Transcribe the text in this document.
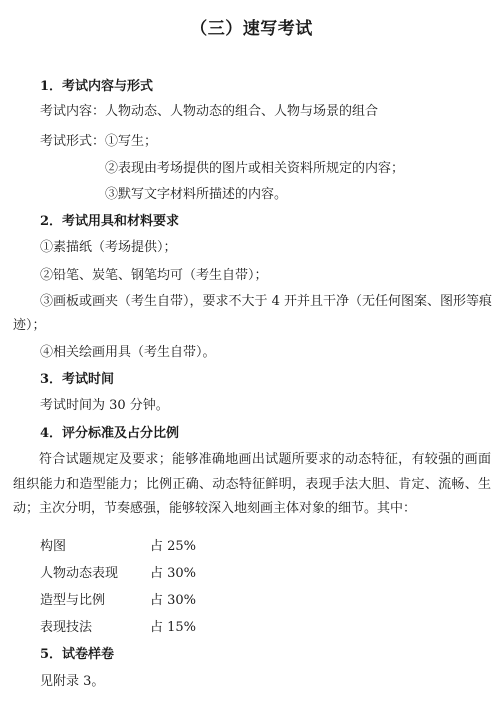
（三）速写考试
1．考试内容与形式
考试内容：人物动态、人物动态的组合、人物与场景的组合
考试形式： ①写生；
②表现由考场提供的图片或相关资料所规定的内容；
③默写文字材料所描述的内容。
2．考试用具和材料要求
①素描纸（考场提供）；
②铅笔、炭笔、钢笔均可（考生自带）；
③画板或画夹（考生自带），要求不大于 4 开并且干净（无任何图案、图形等痕
迹）；
④相关绘画用具（考生自带）。
3．考试时间
考试时间为 30 分钟。
4．评分标准及占分比例
符合试题规定及要求；能够准确地画出试题所要求的动态特征，有较强的画面组织能力和造型能力；比例正确、动态特征鲜明，表现手法大胆、肯定、流畅、生动；主次分明，节奏感强，能够较深入地刻画主体对象的细节。其中：
构图	占 25%
人物动态表现 占 30%
造型与比例	占 30%
表现技法	占 15%
5．试卷样卷
见附录 3。
